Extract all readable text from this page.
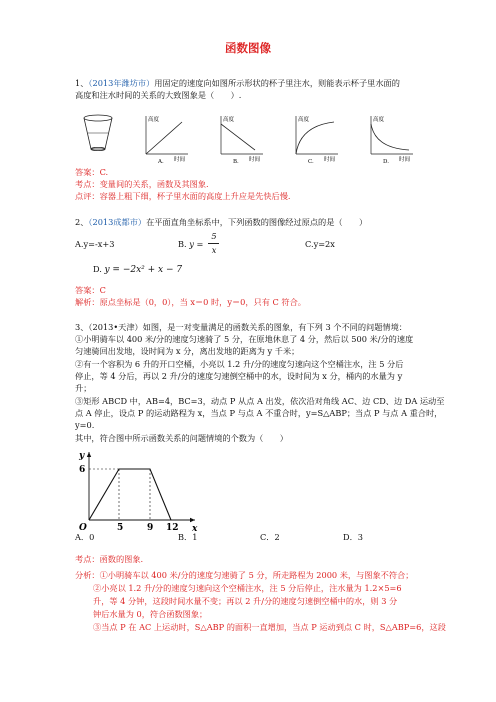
函数图像
1、（2013年潍坊市）用固定的速度向如图所示形状的杯子里注水，则能表示杯子里水面的
高度和注水时间的关系的大致图象是（　　）.
高度
时间
A.
高度
时间
B.
高度
时间
C.
高度
时间
D.
答案：C.
考点：变量间的关系，函数及其图象.
点评：容器上粗下细，杯子里水面的高度上升应是先快后慢.
2、（2013成都市）在平面直角坐标系中，下列函数的图像经过原点的是（　　）
A.y=-x+3	B. y =
5
x
C.y=2x
D. y = −2x² + x − 7
答案：C
解析：原点坐标是（0，0），当 x＝0 时，y＝0，只有 C 符合。
3、（2013•天津）如图，是一对变量满足的函数关系的图象，有下列 3 个不同的问题情境：
①小明骑车以 400 米/分的速度匀速骑了 5 分，在原地休息了 4 分，然后以 500 米/分的速度
匀速骑回出发地，设时间为 x 分，离出发地的距离为 y 千米；
②有一个容积为 6 升的开口空桶，小亮以 1.2 升/分的速度匀速向这个空桶注水，注 5 分后
停止，等 4 分后，再以 2 升/分的速度匀速倒空桶中的水，设时间为 x 分，桶内的水量为 y
升；
③矩形 ABCD 中，AB=4，BC=3，动点 P 从点 A 出发，依次沿对角线 AC、边 CD、边 DA 运动至
点 A 停止，设点 P 的运动路程为 x，当点 P 与点 A 不重合时，y=S△ABP；当点 P 与点 A 重合时，
y=0.
其中，符合图中所示函数关系的问题情境的个数为（　　）
y
x
O
6
5	9 12
A．0	B．1	C．2	D．3
考点：函数的图象.
分析：①小明骑车以 400 米/分的速度匀速骑了 5 分，所走路程为 2000 米，与图象不符合；
②小亮以 1.2 升/分的速度匀速向这个空桶注水，注 5 分后停止，注水量为 1.2×5=6
升，等 4 分钟，这段时间水量不变；再以 2 升/分的速度匀速倒空桶中的水，则 3 分
钟后水量为 0，符合函数图象；
③当点 P 在 AC 上运动时，S△ABP 的面积一直增加，当点 P 运动到点 C 时，S△ABP=6，这段
